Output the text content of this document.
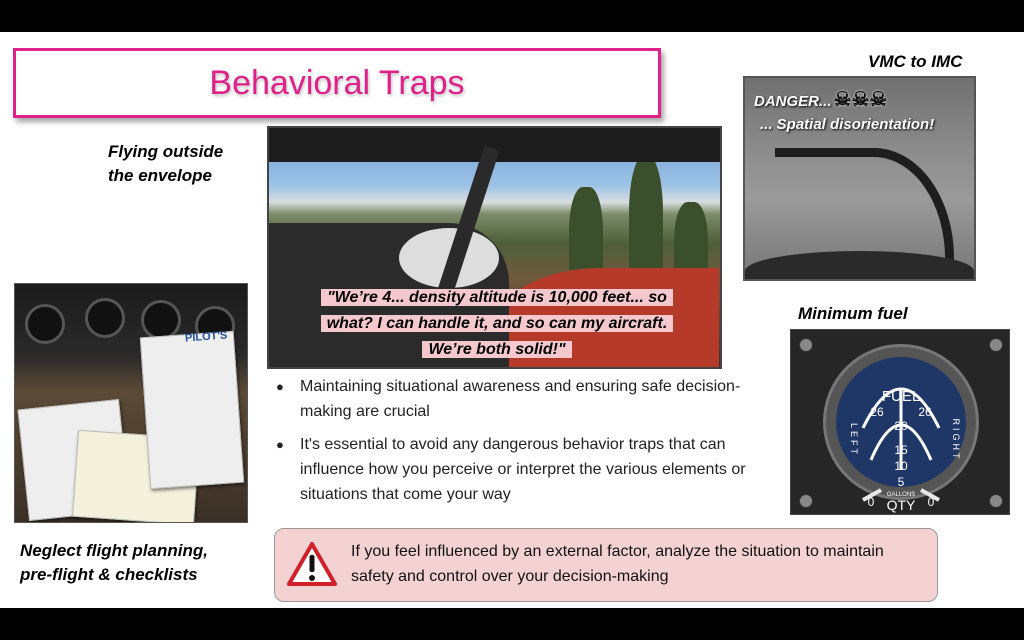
Behavioral Traps
Flying outside
the envelope
VMC to IMC
Minimum fuel
Neglect flight planning,
pre-flight & checklists
"We’re 4... density altitude is 10,000 feet... so
what? I can handle it, and so can my aircraft.
We’re both solid!"
DANGER... ☠☠☠
... Spatial disorientation!
PILOT'S
FUEL
26
20
26
15
10
5
0	0
GALLONS
QTY
LEFT	RIGHT
● Maintaining situational awareness and ensuring safe decision-making are crucial
● It's essential to avoid any dangerous behavior traps that can influence how you perceive or interpret the various elements or situations that come your way
If you feel influenced by an external factor, analyze the situation to maintain safety and control over your decision-making
